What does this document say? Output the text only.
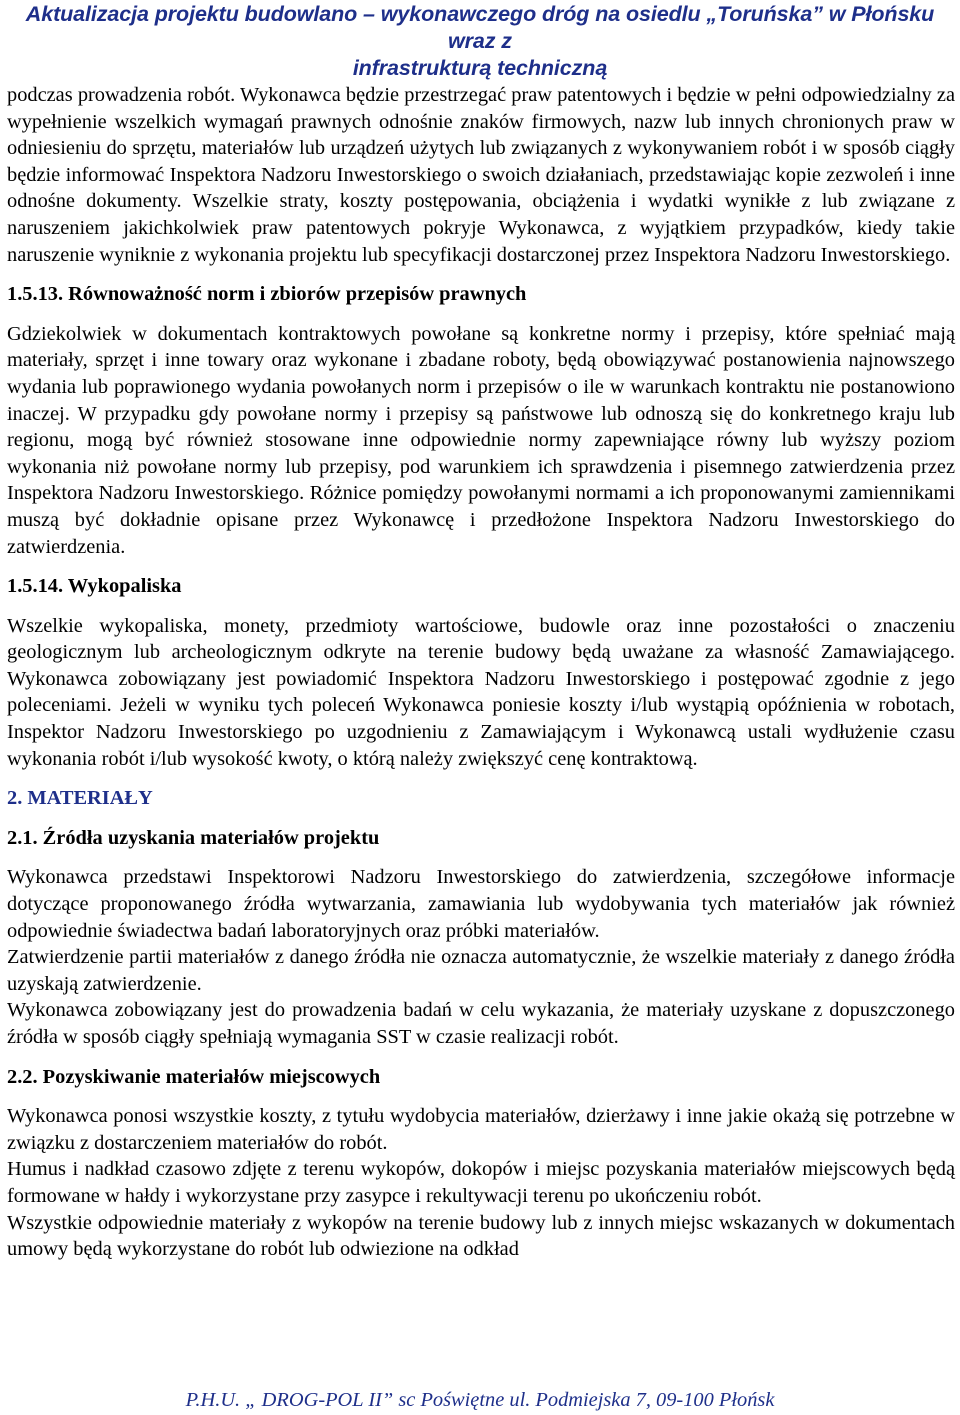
Aktualizacja projektu budowlano – wykonawczego dróg na osiedlu „Toruńska” w Płońsku wraz z
infrastrukturą techniczną

podczas prowadzenia robót. Wykonawca będzie przestrzegać praw patentowych i będzie w pełni odpowiedzialny za wypełnienie wszelkich wymagań prawnych odnośnie znaków firmowych, nazw lub innych chronionych praw w odniesieniu do sprzętu, materiałów lub urządzeń użytych lub związanych z wykonywaniem robót i w sposób ciągły będzie informować Inspektora Nadzoru Inwestorskiego o swoich działaniach, przedstawiając kopie zezwoleń i inne odnośne dokumenty. Wszelkie straty, koszty postępowania, obciążenia i wydatki wynikłe z lub związane z naruszeniem jakichkolwiek praw patentowych pokryje Wykonawca, z wyjątkiem przypadków, kiedy takie naruszenie wyniknie z wykonania projektu lub specyfikacji dostarczonej przez Inspektora Nadzoru Inwestorskiego.

1.5.13. Równoważność norm i zbiorów przepisów prawnych

Gdziekolwiek w dokumentach kontraktowych powołane są konkretne normy i przepisy, które spełniać mają materiały, sprzęt i inne towary oraz wykonane i zbadane roboty, będą obowiązywać postanowienia najnowszego wydania lub poprawionego wydania powołanych norm i przepisów o ile w warunkach kontraktu nie postanowiono inaczej. W przypadku gdy powołane normy i przepisy są państwowe lub odnoszą się do konkretnego kraju lub regionu, mogą być również stosowane inne odpowiednie normy zapewniające równy lub wyższy poziom wykonania niż powołane normy lub przepisy, pod warunkiem ich sprawdzenia i pisemnego zatwierdzenia przez Inspektora Nadzoru Inwestorskiego. Różnice pomiędzy powołanymi normami a ich proponowanymi zamiennikami muszą być dokładnie opisane przez Wykonawcę i przedłożone Inspektora Nadzoru Inwestorskiego do zatwierdzenia.

1.5.14. Wykopaliska

Wszelkie wykopaliska, monety, przedmioty wartościowe, budowle oraz inne pozostałości o znaczeniu geologicznym lub archeologicznym odkryte na terenie budowy będą uważane za własność Zamawiającego. Wykonawca zobowiązany jest powiadomić Inspektora Nadzoru Inwestorskiego i postępować zgodnie z jego poleceniami. Jeżeli w wyniku tych poleceń Wykonawca poniesie koszty i/lub wystąpią opóźnienia w robotach, Inspektor Nadzoru Inwestorskiego po uzgodnieniu z Zamawiającym i Wykonawcą ustali wydłużenie czasu wykonania robót i/lub wysokość kwoty, o którą należy zwiększyć cenę kontraktową.

2. MATERIAŁY
2.1. Źródła uzyskania materiałów projektu

Wykonawca przedstawi Inspektorowi Nadzoru Inwestorskiego do zatwierdzenia, szczegółowe informacje dotyczące proponowanego źródła wytwarzania, zamawiania lub wydobywania tych materiałów jak również odpowiednie świadectwa badań laboratoryjnych oraz próbki materiałów.

Zatwierdzenie partii materiałów z danego źródła nie oznacza automatycznie, że wszelkie materiały z danego źródła uzyskają zatwierdzenie.

Wykonawca zobowiązany jest do prowadzenia badań w celu wykazania, że materiały uzyskane z dopuszczonego źródła w sposób ciągły spełniają wymagania SST w czasie realizacji robót.

2.2. Pozyskiwanie materiałów miejscowych

Wykonawca ponosi wszystkie koszty, z tytułu wydobycia materiałów, dzierżawy i inne jakie okażą się potrzebne w związku z dostarczeniem materiałów do robót.

Humus i nadkład czasowo zdjęte z terenu wykopów, dokopów i miejsc pozyskania materiałów miejscowych będą formowane w hałdy i wykorzystane przy zasypce i rekultywacji terenu po ukończeniu robót.

Wszystkie odpowiednie materiały z wykopów na terenie budowy lub z innych miejsc wskazanych w dokumentach umowy będą wykorzystane do robót lub odwiezione na odkład

P.H.U. „ DROG-POL II” sc Poświętne ul. Podmiejska 7, 09-100 Płońsk
